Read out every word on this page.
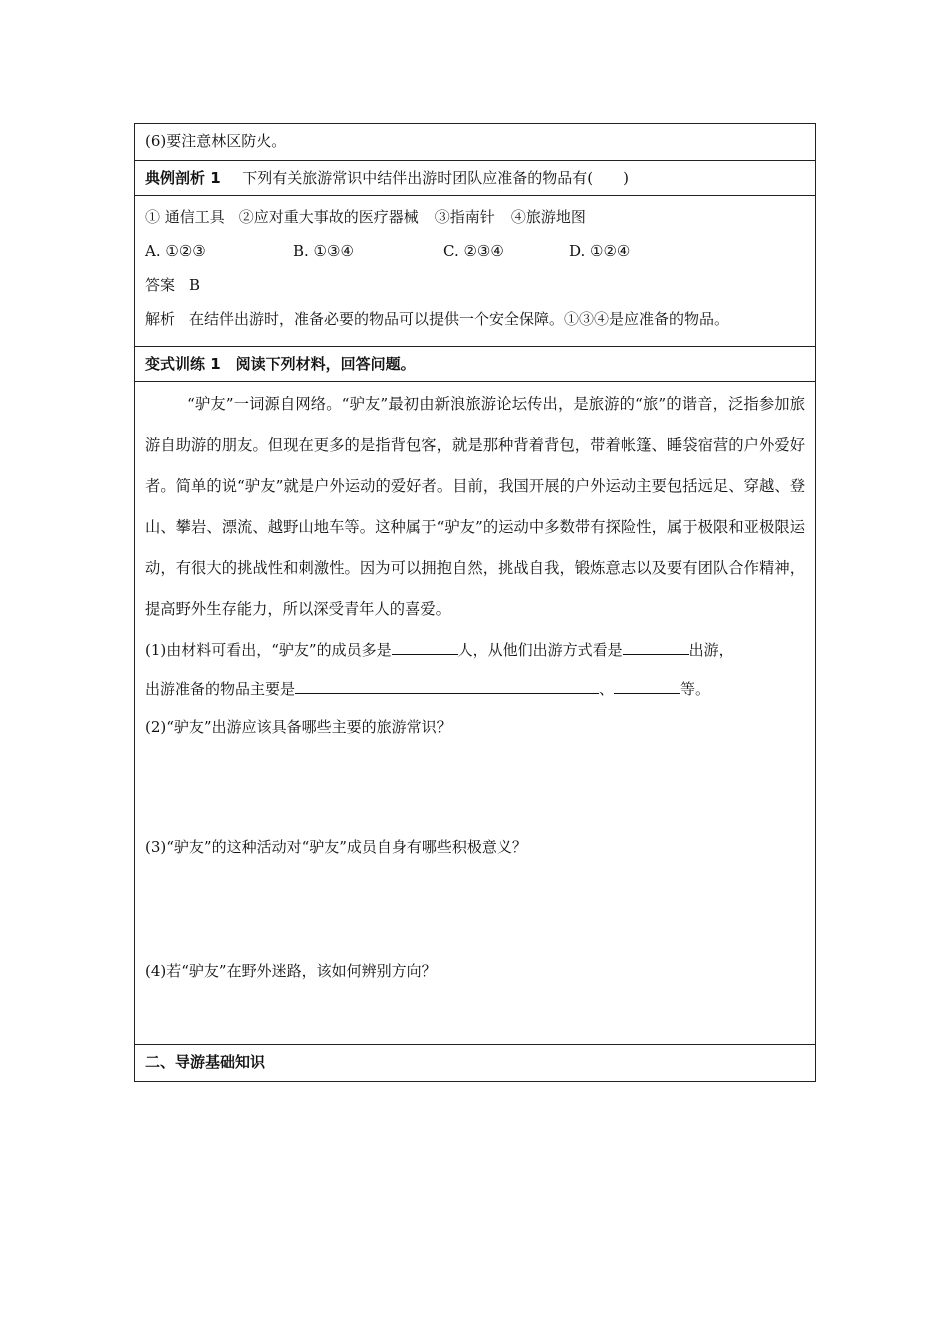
(6)要注意林区防火。

典例剖析 1 下列有关旅游常识中结伴出游时团队应准备的物品有(　　)

① 通信工具 ②应对重大事故的医疗器械 ③指南针 ④旅游地图
A. ①②③	B. ①③④	C. ②③④	D. ①②④
答案 B
解析 在结伴出游时，准备必要的物品可以提供一个安全保障。①③④是应准备的物品。

变式训练 1　阅读下列材料，回答问题。

“驴友”一词源自网络。“驴友”最初由新浪旅游论坛传出，是旅游的“旅”的谐音，泛指参加旅游自助游的朋友。但现在更多的是指背包客，就是那种背着背包，带着帐篷、睡袋宿营的户外爱好者。简单的说“驴友”就是户外运动的爱好者。目前，我国开展的户外运动主要包括远足、穿越、登山、攀岩、漂流、越野山地车等。这种属于“驴友”的运动中多数带有探险性，属于极限和亚极限运动，有很大的挑战性和刺激性。因为可以拥抱自然，挑战自我，锻炼意志以及要有团队合作精神，提高野外生存能力，所以深受青年人的喜爱。
(1)由材料可看出，“驴友”的成员多是	人，从他们出游方式看是	出游，
出游准备的物品主要是	、	等。
(2)“驴友”出游应该具备哪些主要的旅游常识？
(3)“驴友”的这种活动对“驴友”成员自身有哪些积极意义？
(4)若“驴友”在野外迷路，该如何辨别方向？

二、导游基础知识
